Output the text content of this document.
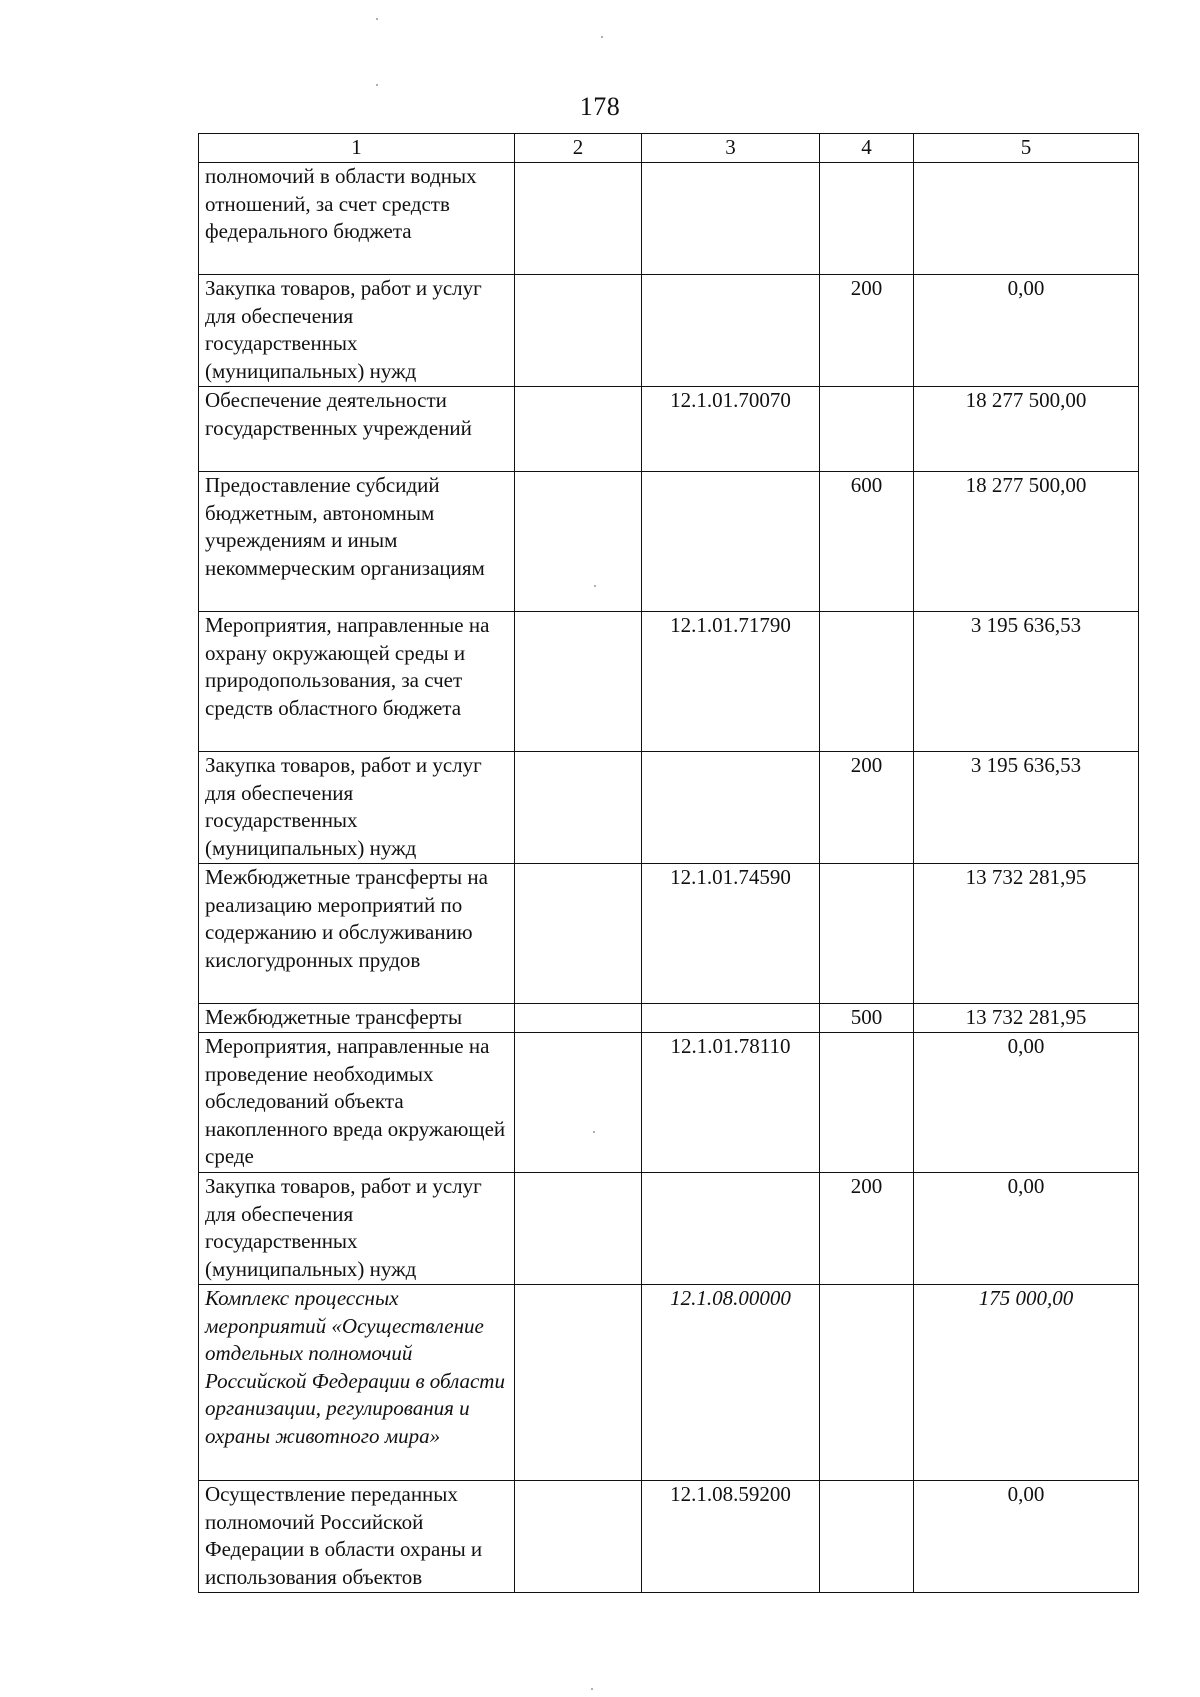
178
1	2	3	4	5
полномочий в области водных отношений, за счет средств федерального бюджета				
Закупка товаров, работ и услуг для обеспечения государственных (муниципальных) нужд			200	0,00
Обеспечение деятельности государственных учреждений		12.1.01.70070		18 277 500,00
Предоставление субсидий бюджетным, автономным учреждениям и иным некоммерческим организациям			600	18 277 500,00
Мероприятия, направленные на охрану окружающей среды и природопользования, за счет средств областного бюджета		12.1.01.71790		3 195 636,53
Закупка товаров, работ и услуг для обеспечения государственных (муниципальных) нужд			200	3 195 636,53
Межбюджетные трансферты на реализацию мероприятий по содержанию и обслуживанию кислогудронных прудов		12.1.01.74590		13 732 281,95
Межбюджетные трансферты			500	13 732 281,95
Мероприятия, направленные на проведение необходимых обследований объекта накопленного вреда окружающей среде		12.1.01.78110		0,00
Закупка товаров, работ и услуг для обеспечения государственных (муниципальных) нужд			200	0,00
Комплекс процессных мероприятий «Осуществление отдельных полномочий Российской Федерации в области организации, регулирования и охраны животного мира»		12.1.08.00000		175 000,00
Осуществление переданных полномочий Российской Федерации в области охраны и использования объектов		12.1.08.59200		0,00
